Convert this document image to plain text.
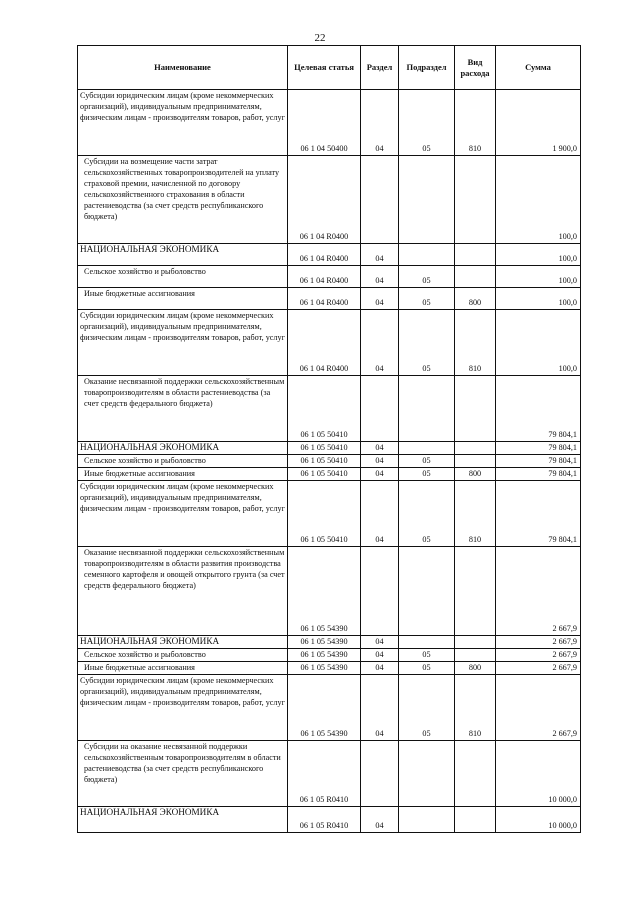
22
Наименование	Целевая статья	Раздел	Подраздел	Вид расхода	Сумма

Субсидии юридическим лицам (кроме некоммерческих организаций), индивидуальным предпринимателям, физическим лицам - производителям товаров, работ, услуг	06 1 04 50400	04	05	810	1 900,0

Субсидии на возмещение части затрат сельскохозяйственных товаропроизводителей на уплату страховой премии, начисленной по договору сельскохозяйственного страхования в области растениеводства (за счет средств республиканского бюджета)	06 1 04 R0400				100,0

НАЦИОНАЛЬНАЯ ЭКОНОМИКА	06 1 04 R0400	04			100,0

Сельское хозяйство и рыболовство	06 1 04 R0400	04	05		100,0

Иные бюджетные ассигнования	06 1 04 R0400	04	05	800	100,0

Субсидии юридическим лицам (кроме некоммерческих организаций), индивидуальным предпринимателям, физическим лицам - производителям товаров, работ, услуг	06 1 04 R0400	04	05	810	100,0

Оказание несвязанной поддержки сельскохозяйственным товаропроизводителям в области растениеводства (за счет средств федерального бюджета)	06 1 05 50410				79 804,1

НАЦИОНАЛЬНАЯ ЭКОНОМИКА	06 1 05 50410	04			79 804,1

Сельское хозяйство и рыболовство	06 1 05 50410	04	05		79 804,1

Иные бюджетные ассигнования	06 1 05 50410	04	05	800	79 804,1

Субсидии юридическим лицам (кроме некоммерческих организаций), индивидуальным предпринимателям, физическим лицам - производителям товаров, работ, услуг	06 1 05 50410	04	05	810	79 804,1

Оказание несвязанной поддержки сельскохозяйственным товаропроизводителям в области развития производства семенного картофеля и овощей открытого грунта (за счет средств федерального бюджета)	06 1 05 54390				2 667,9

НАЦИОНАЛЬНАЯ ЭКОНОМИКА	06 1 05 54390	04			2 667,9

Сельское хозяйство и рыболовство	06 1 05 54390	04	05		2 667,9

Иные бюджетные ассигнования	06 1 05 54390	04	05	800	2 667,9

Субсидии юридическим лицам (кроме некоммерческих организаций), индивидуальным предпринимателям, физическим лицам - производителям товаров, работ, услуг	06 1 05 54390	04	05	810	2 667,9

Субсидии на оказание несвязанной поддержки сельскохозяйственным товаропроизводителям в области растениеводства (за счет средств республиканского бюджета)	06 1 05 R0410				10 000,0

НАЦИОНАЛЬНАЯ ЭКОНОМИКА	06 1 05 R0410	04			10 000,0
